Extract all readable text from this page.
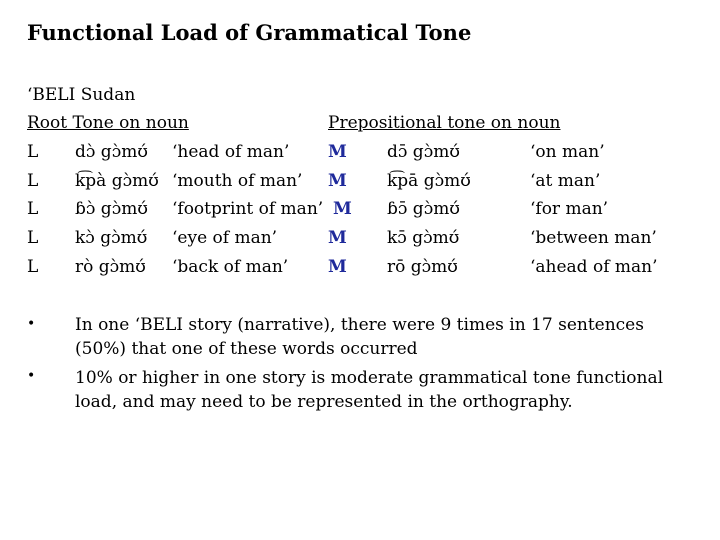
Functional Load of Grammatical Tone
‘BELI Sudan
Root Tone on noun	Prepositional tone on noun
L dɔ̀ gɔ̀mʊ́ ‘head of man’ M dɔ̄ gɔ̀mʊ́	‘on man’
L k͡pà gɔ̀mʊ́ ‘mouth of man’ M k͡pā gɔ̀mʊ́	‘at man’
L ɓɔ̀ gɔ̀mʊ́ ‘footprint of man’ M ɓɔ̄ gɔ̀mʊ́	‘for man’
L kɔ̀ gɔ̀mʊ́ ‘eye of man’	M kɔ̄ gɔ̀mʊ́	‘between man’
L rò gɔ̀mʊ́ ‘back of man’ M rō gɔ̀mʊ́	‘ahead of man’
• In one ‘BELI story (narrative), there were 9 times in 17 sentences (50%) that one of these words occurred
• 10% or higher in one story is moderate grammatical tone functional load, and may need to be represented in the orthography.
